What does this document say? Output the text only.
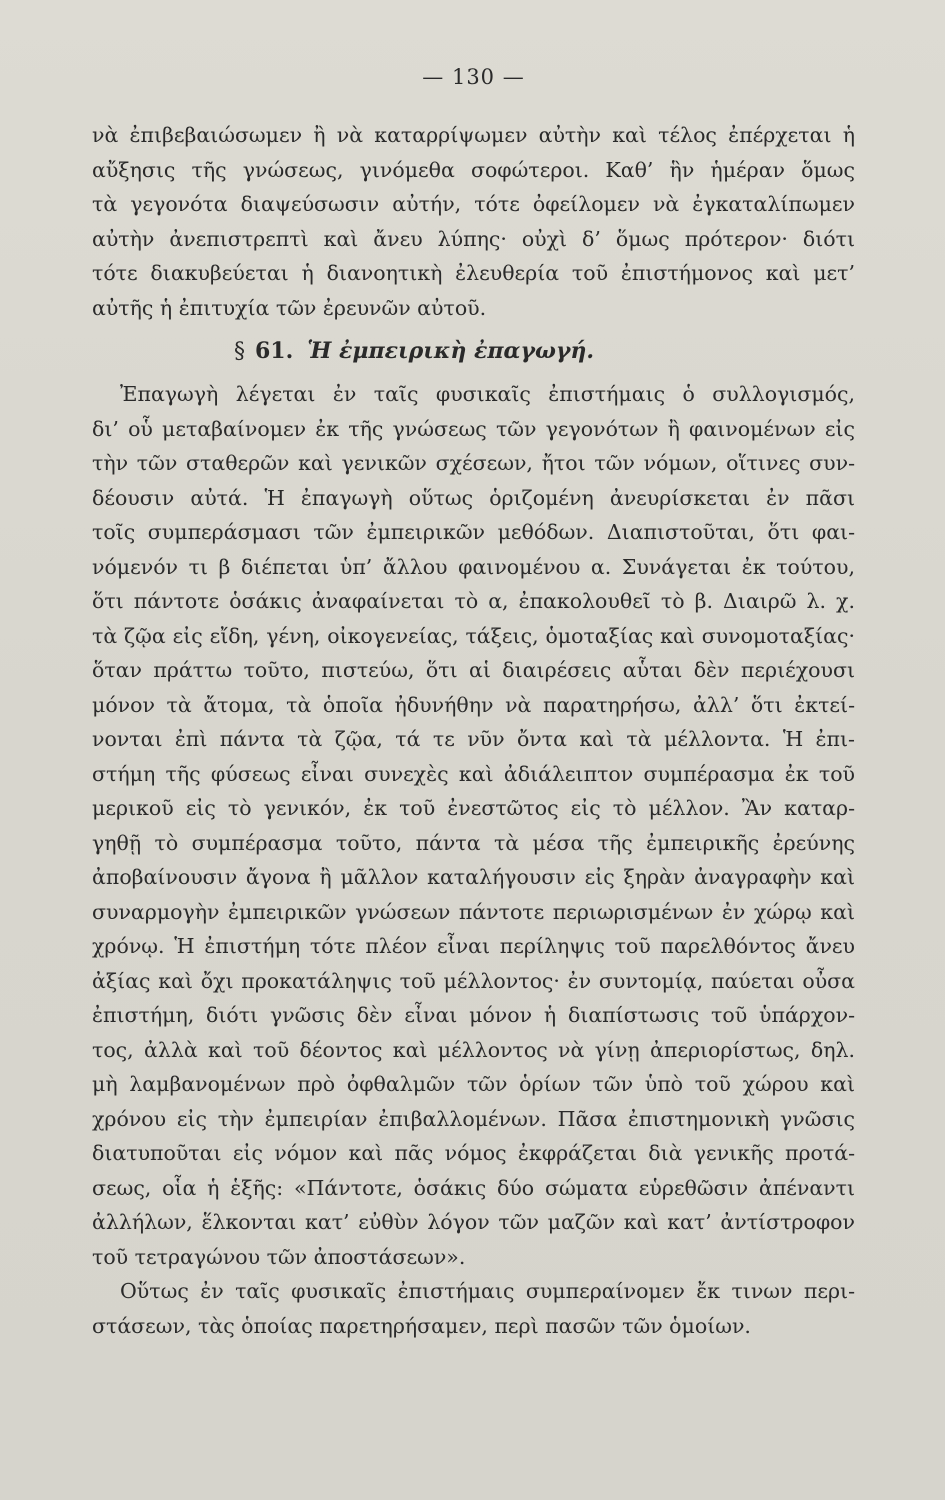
— 130 —
νὰ ἐπιβεβαιώσωμεν ἢ νὰ καταρρίψωμεν αὐτὴν καὶ τέλος ἐπέρχεται ἡ
αὔξησις τῆς γνώσεως, γινόμεθα σοφώτεροι. Καθ’ ἣν ἡμέραν ὅμως
τὰ γεγονότα διαψεύσωσιν αὐτήν, τότε ὀφείλομεν νὰ ἐγκαταλίπωμεν
αὐτὴν ἀνεπιστρεπτὶ καὶ ἄνευ λύπης· οὐχὶ δ’ ὅμως πρότερον· διότι
τότε διακυβεύεται ἡ διανοητικὴ ἐλευθερία τοῦ ἐπιστήμονος καὶ μετ’
αὐτῆς ἡ ἐπιτυχία τῶν ἐρευνῶν αὐτοῦ.
§ 61. Ἡ ἐμπειρικὴ ἐπαγωγή.
Ἐπαγωγὴ λέγεται ἐν ταῖς φυσικαῖς ἐπιστήμαις ὁ συλλογισμός,
δι’ οὗ μεταβαίνομεν ἐκ τῆς γνώσεως τῶν γεγονότων ἢ φαινομένων εἰς
τὴν τῶν σταθερῶν καὶ γενικῶν σχέσεων, ἤτοι τῶν νόμων, οἵτινες συν-
δέουσιν αὐτά. Ἡ ἐπαγωγὴ οὕτως ὁριζομένη ἀνευρίσκεται ἐν πᾶσι
τοῖς συμπεράσμασι τῶν ἐμπειρικῶν μεθόδων. Διαπιστοῦται, ὅτι φαι-
νόμενόν τι β διέπεται ὑπ’ ἄλλου φαινομένου α. Συνάγεται ἐκ τούτου,
ὅτι πάντοτε ὁσάκις ἀναφαίνεται τὸ α, ἐπακολουθεῖ τὸ β. Διαιρῶ λ. χ.
τὰ ζῷα εἰς εἴδη, γένη, οἰκογενείας, τάξεις, ὁμοταξίας καὶ συνομοταξίας·
ὅταν πράττω τοῦτο, πιστεύω, ὅτι αἱ διαιρέσεις αὗται δὲν περιέχουσι
μόνον τὰ ἄτομα, τὰ ὁποῖα ἠδυνήθην νὰ παρατηρήσω, ἀλλ’ ὅτι ἐκτεί-
νονται ἐπὶ πάντα τὰ ζῷα, τά τε νῦν ὄντα καὶ τὰ μέλλοντα. Ἡ ἐπι-
στήμη τῆς φύσεως εἶναι συνεχὲς καὶ ἀδιάλειπτον συμπέρασμα ἐκ τοῦ
μερικοῦ εἰς τὸ γενικόν, ἐκ τοῦ ἐνεστῶτος εἰς τὸ μέλλον. Ἂν καταρ-
γηθῇ τὸ συμπέρασμα τοῦτο, πάντα τὰ μέσα τῆς ἐμπειρικῆς ἐρεύνης
ἀποβαίνουσιν ἄγονα ἢ μᾶλλον καταλήγουσιν εἰς ξηρὰν ἀναγραφὴν καὶ
συναρμογὴν ἐμπειρικῶν γνώσεων πάντοτε περιωρισμένων ἐν χώρῳ καὶ
χρόνῳ. Ἡ ἐπιστήμη τότε πλέον εἶναι περίληψις τοῦ παρελθόντος ἄνευ
ἀξίας καὶ ὄχι προκατάληψις τοῦ μέλλοντος· ἐν συντομίᾳ, παύεται οὖσα
ἐπιστήμη, διότι γνῶσις δὲν εἶναι μόνον ἡ διαπίστωσις τοῦ ὑπάρχον-
τος, ἀλλὰ καὶ τοῦ δέοντος καὶ μέλλοντος νὰ γίνῃ ἀπεριορίστως, δηλ.
μὴ λαμβανομένων πρὸ ὀφθαλμῶν τῶν ὁρίων τῶν ὑπὸ τοῦ χώρου καὶ
χρόνου εἰς τὴν ἐμπειρίαν ἐπιβαλλομένων. Πᾶσα ἐπιστημονικὴ γνῶσις
διατυποῦται εἰς νόμον καὶ πᾶς νόμος ἐκφράζεται διὰ γενικῆς προτά-
σεως, οἷα ἡ ἑξῆς: «Πάντοτε, ὁσάκις δύο σώματα εὑρεθῶσιν ἀπέναντι
ἀλλήλων, ἕλκονται κατ’ εὐθὺν λόγον τῶν μαζῶν καὶ κατ’ ἀντίστροφον
τοῦ τετραγώνου τῶν ἀποστάσεων».
Οὕτως ἐν ταῖς φυσικαῖς ἐπιστήμαις συμπεραίνομεν ἔκ τινων περι-
στάσεων, τὰς ὁποίας παρετηρήσαμεν, περὶ πασῶν τῶν ὁμοίων.
